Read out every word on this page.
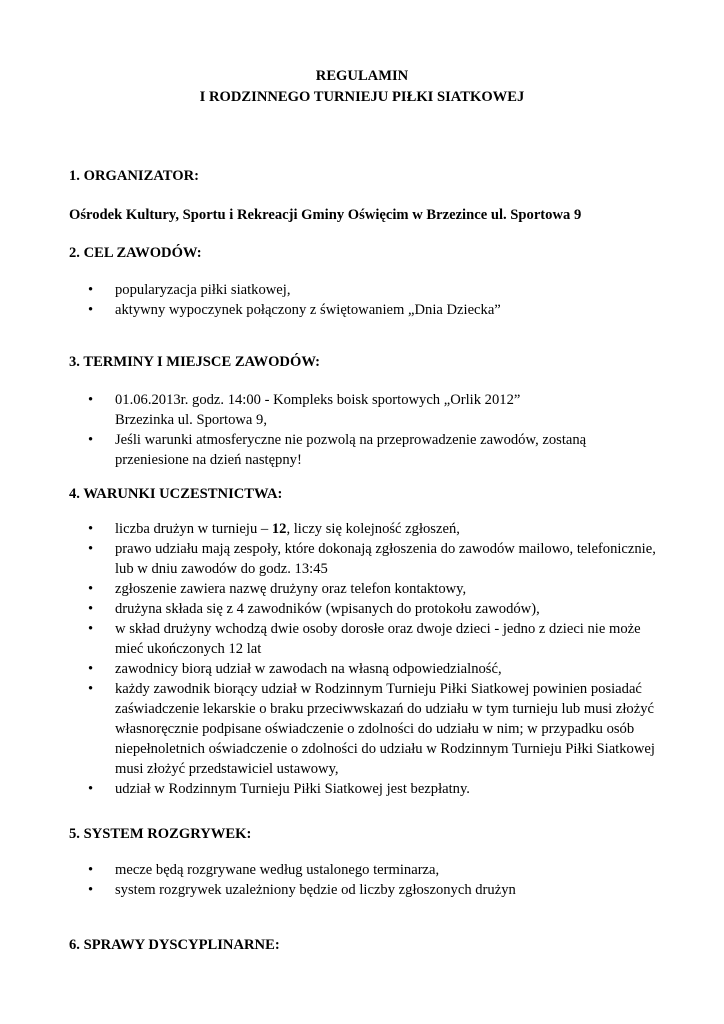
REGULAMIN
I RODZINNEGO TURNIEJU PIŁKI SIATKOWEJ
1. ORGANIZATOR:
Ośrodek Kultury, Sportu i Rekreacji Gminy Oświęcim w Brzezince ul. Sportowa 9
2. CEL ZAWODÓW:
•	popularyzacja piłki siatkowej,
•	aktywny wypoczynek połączony z świętowaniem „Dnia Dziecka”
3. TERMINY I MIEJSCE ZAWODÓW:
•	01.06.2013r. godz. 14:00 - Kompleks boisk sportowych „Orlik 2012”
Brzezinka ul. Sportowa 9,
•	Jeśli warunki atmosferyczne nie pozwolą na przeprowadzenie zawodów, zostaną
przeniesione na dzień następny!
4. WARUNKI UCZESTNICTWA:
•	liczba drużyn w turnieju – 12, liczy się kolejność zgłoszeń,
•	prawo udziału mają zespoły, które dokonają zgłoszenia do zawodów mailowo, telefonicznie,
lub w dniu zawodów do godz. 13:45
•	zgłoszenie zawiera nazwę drużyny oraz telefon kontaktowy,
•	drużyna składa się z 4 zawodników (wpisanych do protokołu zawodów),
•	w skład drużyny wchodzą dwie osoby dorosłe oraz dwoje dzieci - jedno z dzieci nie może
mieć ukończonych 12 lat
•	zawodnicy biorą udział w zawodach na własną odpowiedzialność,
•	każdy zawodnik biorący udział w Rodzinnym Turnieju Piłki Siatkowej powinien posiadać
zaświadczenie lekarskie o braku przeciwwskazań do udziału w tym turnieju lub musi złożyć
własnoręcznie podpisane oświadczenie o zdolności do udziału w nim; w przypadku osób
niepełnoletnich oświadczenie o zdolności do udziału w Rodzinnym Turnieju Piłki Siatkowej
musi złożyć przedstawiciel ustawowy,
•	udział w Rodzinnym Turnieju Piłki Siatkowej jest bezpłatny.
5. SYSTEM ROZGRYWEK:
•	mecze będą rozgrywane według ustalonego terminarza,
•	system rozgrywek uzależniony będzie od liczby zgłoszonych drużyn
6. SPRAWY DYSCYPLINARNE:
